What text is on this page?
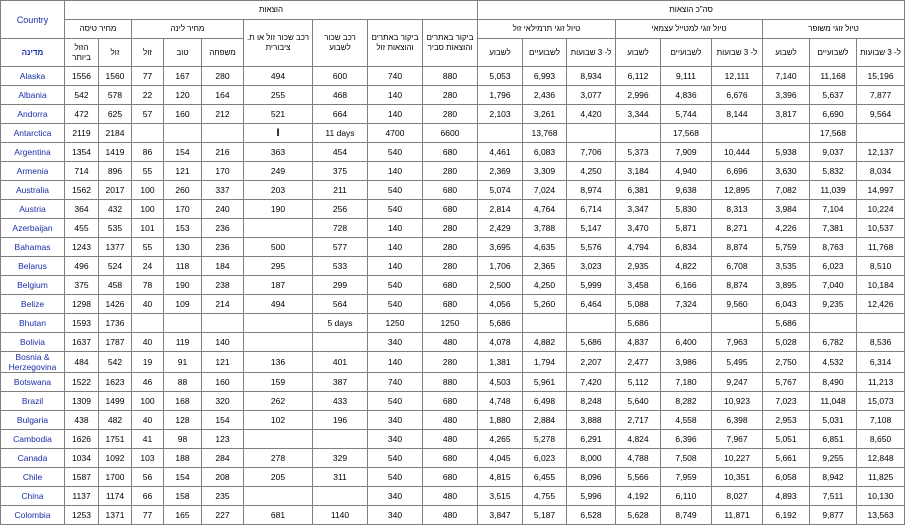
Country	הוצאות									סה"כ הוצאות								
	מחיר טיסה		מחיר לינה			רכב שכור זול או ת. ציבורית	רכב שכור לשבוע	ביקור באתרים והוצאות זול	ביקור באתרים והוצאות סביר	טיול זוגי תרמילאי זול			טיול זוגי למטייל עצמאי			טיול זוגי משופר		
מדינה	הזול ביותר	זול	זול	טוב	משפחה					לשבוע	לשבועיים	ל- 3 שבועות	לשבוע	לשבועיים	ל- 3 שבועות	לשבוע	לשבועיים	ל- 3 שבועות
Alaska	1556	1560	77	167	280	494	600	740	880	5,053	6,993	8,934	6,112	9,111	12,111	7,140	11,168	15,196
Albania	542	578	22	120	164	255	468	140	280	1,796	2,436	3,077	2,996	4,836	6,676	3,396	5,637	7,877
Andorra	472	625	57	160	212	521	664	140	280	2,103	3,261	4,420	3,344	5,744	8,144	3,817	6,690	9,564
Antarctica	2119	2184				I	11 days	4700	6600		13,768			17,568			17,568	
Argentina	1354	1419	86	154	216	363	454	540	680	4,461	6,083	7,706	5,373	7,909	10,444	5,938	9,037	12,137
Armenia	714	896	55	121	170	249	375	140	280	2,369	3,309	4,250	3,184	4,940	6,696	3,630	5,832	8,034
Australia	1562	2017	100	260	337	203	211	540	680	5,074	7,024	8,974	6,381	9,638	12,895	7,082	11,039	14,997
Austria	364	432	100	170	240	190	256	540	680	2,814	4,764	6,714	3,347	5,830	8,313	3,984	7,104	10,224
Azerbaijan	455	535	101	153	236		728	140	280	2,429	3,788	5,147	3,470	5,871	8,271	4,226	7,381	10,537
Bahamas	1243	1377	55	130	236	500	577	140	280	3,695	4,635	5,576	4,794	6,834	8,874	5,759	8,763	11,768
Belarus	496	524	24	118	184	295	533	140	280	1,706	2,365	3,023	2,935	4,822	6,708	3,535	6,023	8,510
Belgium	375	458	78	190	238	187	299	540	680	2,500	4,250	5,999	3,458	6,166	8,874	3,895	7,040	10,184
Belize	1298	1426	40	109	214	494	564	540	680	4,056	5,260	6,464	5,088	7,324	9,560	6,043	9,235	12,426
Bhutan	1593	1736					5 days	1250	1250	5,686			5,686			5,686		
Bolivia	1637	1787	40	119	140			340	480	4,078	4,882	5,686	4,837	6,400	7,963	5,028	6,782	8,536
Bosnia & Herzegovina	484	542	19	91	121	136	401	140	280	1,381	1,794	2,207	2,477	3,986	5,495	2,750	4,532	6,314
Botswana	1522	1623	46	88	160	159	387	740	880	4,503	5,961	7,420	5,112	7,180	9,247	5,767	8,490	11,213
Brazil	1309	1499	100	168	320	262	433	540	680	4,748	6,498	8,248	5,640	8,282	10,923	7,023	11,048	15,073
Bulgaria	438	482	40	128	154	102	196	340	480	1,880	2,884	3,888	2,717	4,558	6,398	2,953	5,031	7,108
Cambodia	1626	1751	41	98	123			340	480	4,265	5,278	6,291	4,824	6,396	7,967	5,051	6,851	8,650
Canada	1034	1092	103	188	284	278	329	540	680	4,045	6,023	8,000	4,788	7,508	10,227	5,661	9,255	12,848
Chile	1587	1700	56	154	208	205	311	540	680	4,815	6,455	8,096	5,566	7,959	10,351	6,058	8,942	11,825
China	1137	1174	66	158	235			340	480	3,515	4,755	5,996	4,192	6,110	8,027	4,893	7,511	10,130
Colombia	1253	1371	77	165	227	681	1140	340	480	3,847	5,187	6,528	5,628	8,749	11,871	6,192	9,877	13,563
